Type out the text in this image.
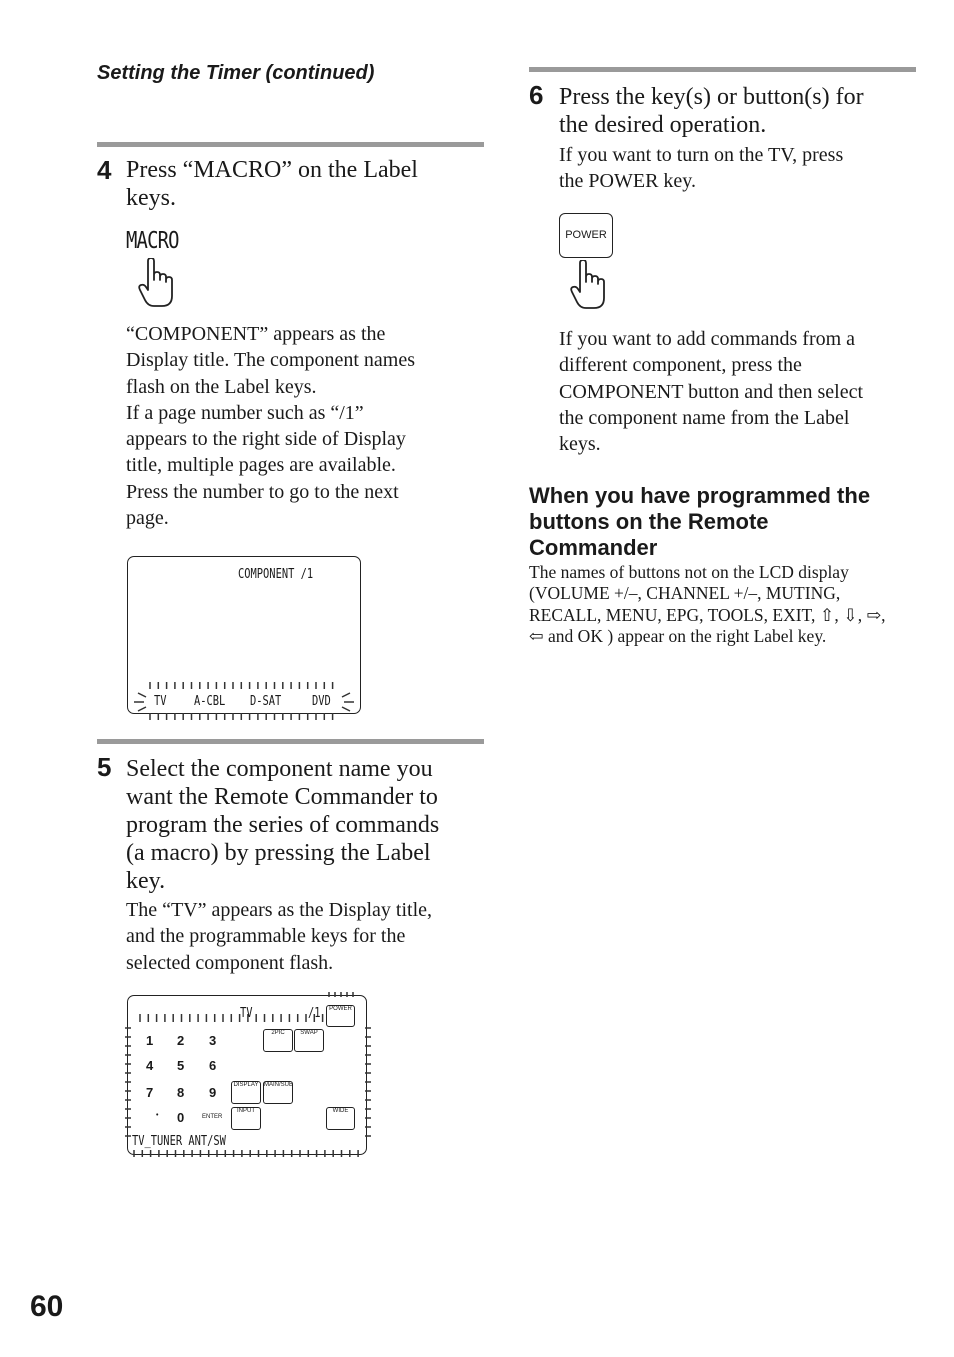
Setting the Timer (continued)
4 Press “MACRO” on the Label keys.
MACRO
“COMPONENT” appears as the
Display title. The component names
flash on the Label keys.
If a page number such as “/1”
appears to the right side of Display
title, multiple pages are available.
Press the number to go to the next
page.
COMPONENT /1
TV A-CBL D-SAT DVD
5 Select the component name you
want the Remote Commander to
program the series of commands
(a macro) by pressing the Label
key.
The “TV” appears as the Display title,
and the programmable keys for the
selected component flash.
TV	/1
1 2 3
4 5 6
7 8 9
• 0	ENTER
POWER
2PIC	SWAP
DISPLAY MAIN/SUB
INPUT	WIDE
TV_TUNER ANT/SW
6 Press the key(s) or button(s) for
the desired operation.
If you want to turn on the TV, press
the POWER key.
POWER
If you want to add commands from a
different component, press the
COMPONENT button and then select
the component name from the Label
keys.
When you have programmed the
buttons on the Remote
Commander
The names of buttons not on the LCD display
(VOLUME +/–, CHANNEL +/–, MUTING,
RECALL, MENU, EPG, TOOLS, EXIT, ⇧, ⇩, ⇨,
⇦ and OK ) appear on the right Label key.
60
